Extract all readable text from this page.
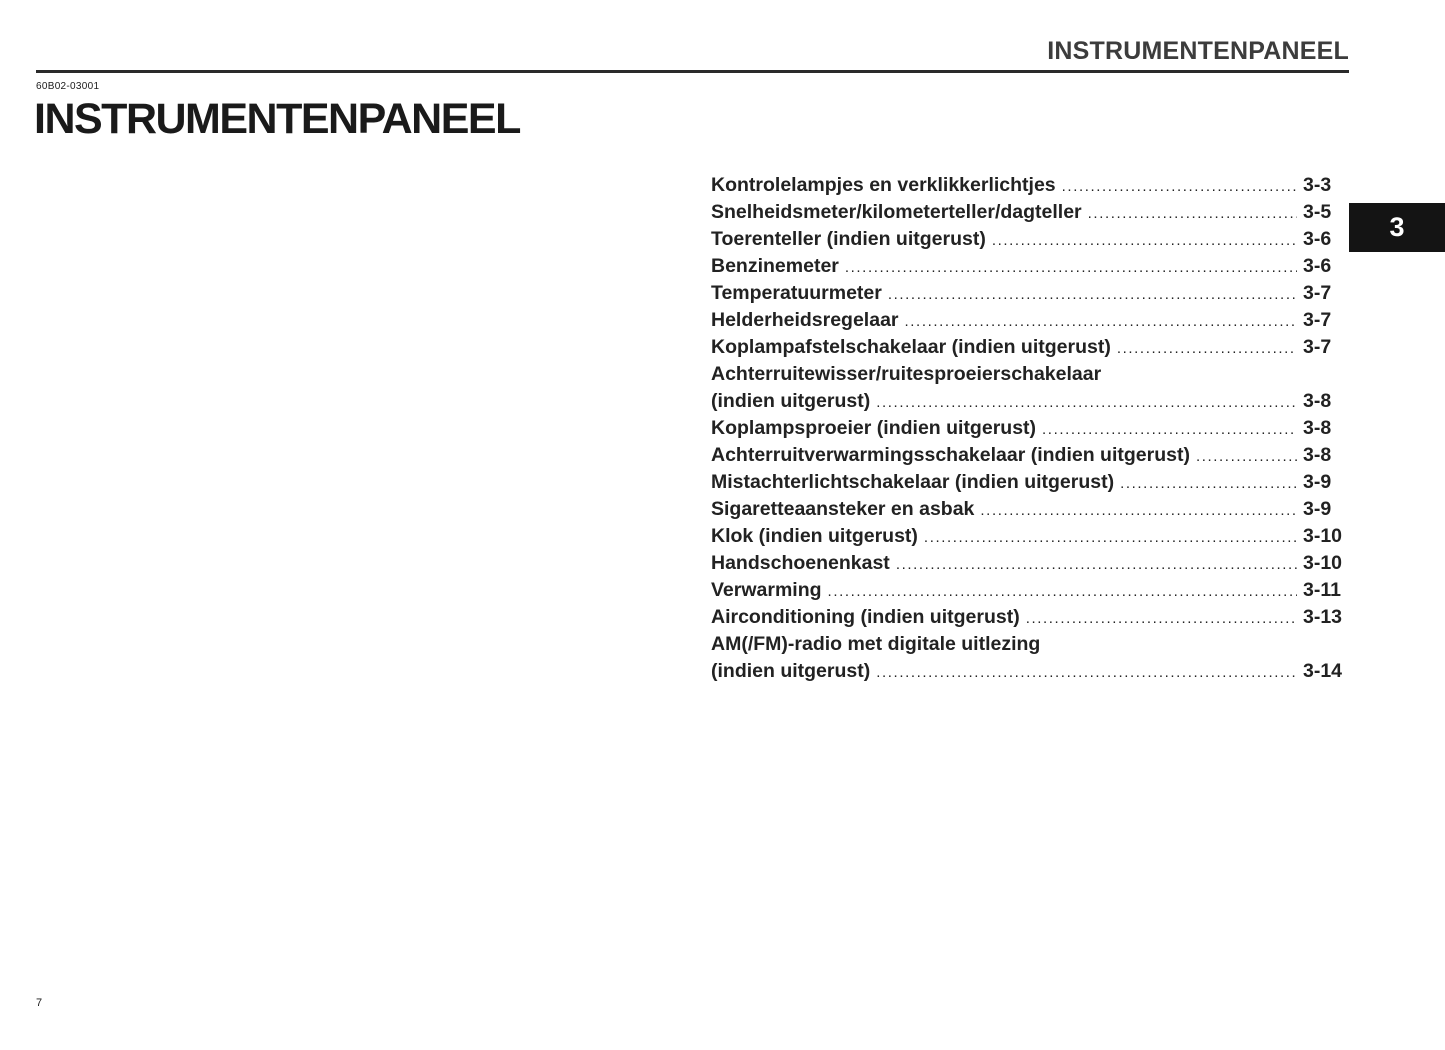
INSTRUMENTENPANEEL
60B02-03001
INSTRUMENTENPANEEL
Kontrolelampjes en verklikkerlichtjes .....	3-3
Snelheidsmeter/kilometerteller/dagteller .....	3-5
Toerenteller (indien uitgerust) .....	3-6
Benzinemeter .....	3-6
Temperatuurmeter .....	3-7
Helderheidsregelaar .....	3-7
Koplampafstelschakelaar (indien uitgerust) .....	3-7
Achterruitewisser/ruitesproeierschakelaar
(indien uitgerust) .....	3-8
Koplampsproeier (indien uitgerust) .....	3-8
Achterruitverwarmingsschakelaar (indien uitgerust) .....	3-8
Mistachterlichtschakelaar (indien uitgerust) .....	3-9
Sigaretteaansteker en asbak .....	3-9
Klok (indien uitgerust) .....	3-10
Handschoenenkast .....	3-10
Verwarming .....	3-11
Airconditioning (indien uitgerust) .....	3-13
AM(/FM)-radio met digitale uitlezing
(indien uitgerust) .....	3-14
3
7
